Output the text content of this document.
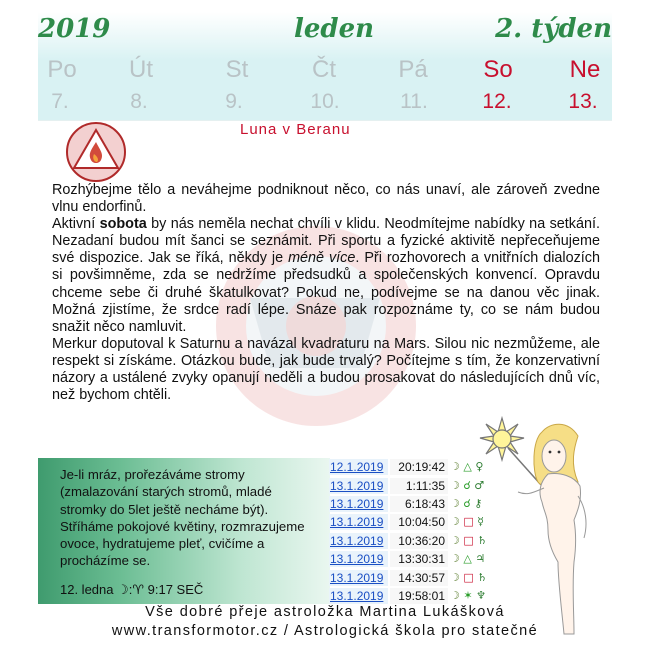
2019	leden	2. týden
Po	Út	St	Čt	Pá	So	Ne
7.	8.	9.	10.	11.	12.	13.
Luna v Beranu

Rozhýbejme tělo a neváhejme podniknout něco, co nás unaví, ale zároveň zvedne vlnu endorfinů.

Aktivní sobota by nás neměla nechat chvíli v klidu. Neodmítejme nabídky na setkání. Nezadaní budou mít šanci se seznámit. Při sportu a fyzické aktivitě nepřeceňujeme své dispozice. Jak se říká, někdy je méně více. Při rozhovorech a vnitřních dialozích si povšimněme, zda se nedržíme předsudků a společenských konvencí. Opravdu chceme sebe či druhé škatulkovat? Pokud ne, podívejme se na danou věc jinak. Možná zjistíme, že srdce radí lépe. Snáze pak rozpoznáme ty, co se nám budou snažit něco namluvit.

Merkur doputoval k Saturnu a navázal kvadraturu na Mars. Silou nic nezmůžeme, ale respekt si získáme. Otázkou bude, jak bude trvalý? Počítejme s tím, že konzervativní názory a ustálené zvyky opanují neděli a budou prosakovat do následujících dnů víc, než bychom chtěli.

Je-li mráz, prořezáváme stromy (zmalazování starých stromů, mladé stromky do 5let ještě necháme být).

Stříháme pokojové květiny, rozmrazujeme ovoce, hydratujeme pleť, cvičíme a procházíme se.

12. ledna ☽:♈ 9:17 SEČ
12.1.2019	20:19:42 ☽ △ ♀
13.1.2019	1:11:35 ☽ ☌ ♂
13.1.2019	6:18:43 ☽ ☌ ⚷
13.1.2019	10:04:50 ☽ □ ☿
13.1.2019	10:36:20 ☽ □ ♄
13.1.2019	13:30:31 ☽ △ ♃
13.1.2019	14:30:57 ☽ □ ♄
13.1.2019	19:58:01 ☽ ✶ ♆
Vše dobré přeje astroložka Martina Lukášková
www.transformotor.cz / Astrologická škola pro statečné
